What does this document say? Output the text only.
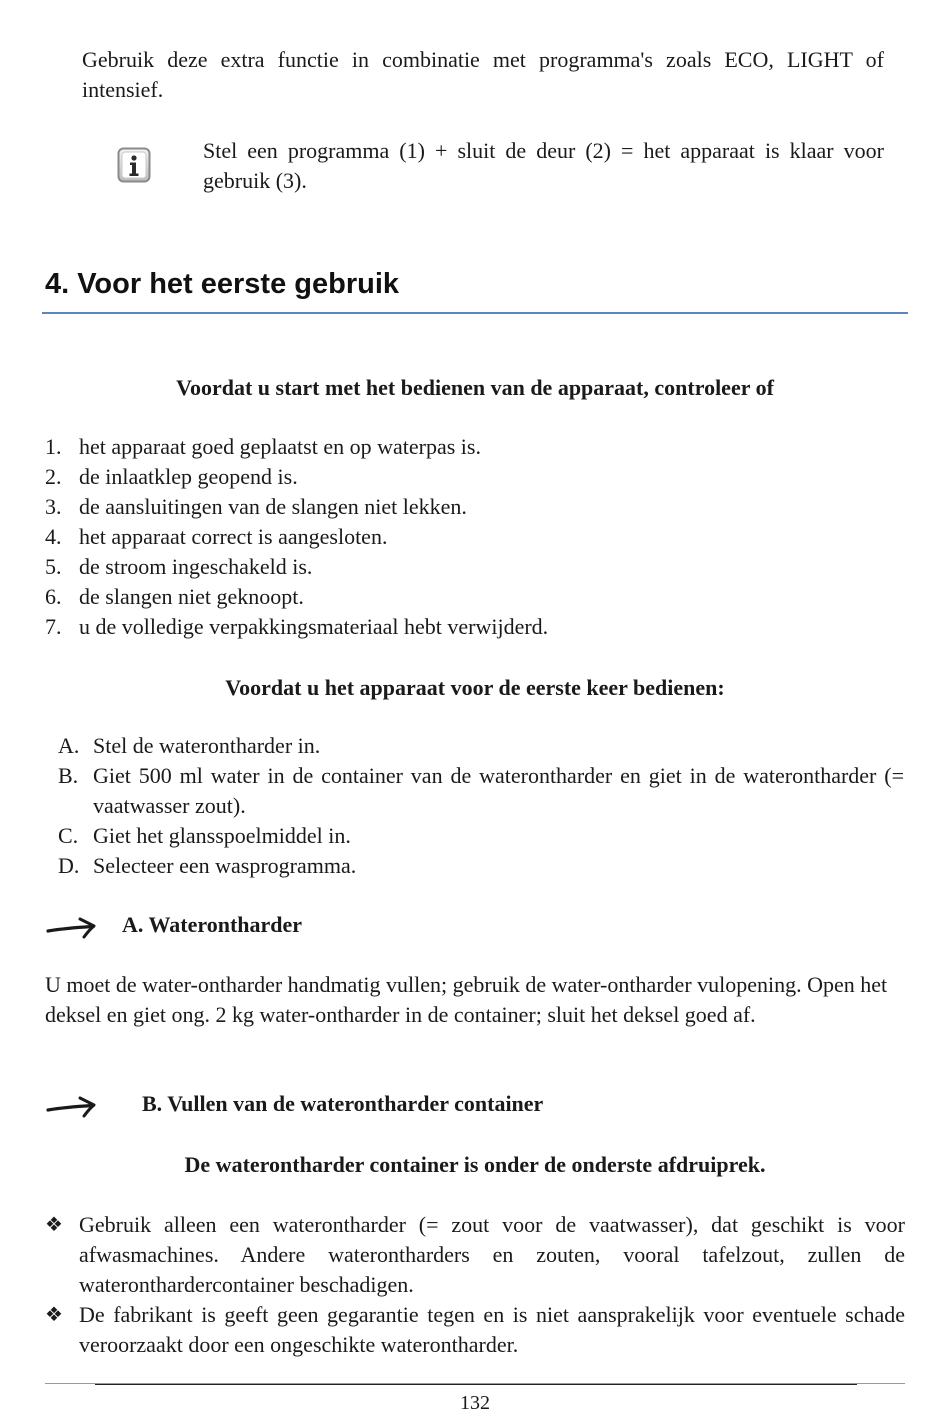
Gebruik deze extra functie in combinatie met programma's zoals ECO, LIGHT of intensief.
Stel een programma (1) + sluit de deur (2) = het apparaat is klaar voor gebruik (3).
4. Voor het eerste gebruik
Voordat u start met het bedienen van de apparaat, controleer of
1. het apparaat goed geplaatst en op waterpas is.
2. de inlaatklep geopend is.
3. de aansluitingen van de slangen niet lekken.
4. het apparaat correct is aangesloten.
5. de stroom ingeschakeld is.
6. de slangen niet geknoopt.
7. u de volledige verpakkingsmateriaal hebt verwijderd.
Voordat u het apparaat voor de eerste keer bedienen:
A. Stel de waterontharder in.
B. Giet 500 ml water in de container van de waterontharder en giet in de waterontharder (= vaatwasser zout).
C. Giet het glansspoelmiddel in.
D. Selecteer een wasprogramma.
A. Waterontharder
U moet de water-ontharder handmatig vullen; gebruik de water-ontharder vulopening. Open het deksel en giet ong. 2 kg water-ontharder in de container; sluit het deksel goed af.
B. Vullen van de waterontharder container
De waterontharder container is onder de onderste afdruiprek.
❖ Gebruik alleen een waterontharder (= zout voor de vaatwasser), dat geschikt is voor afwasmachines. Andere waterontharders en zouten, vooral tafelzout, zullen de wateronthardercontainer beschadigen.
❖ De fabrikant is geeft geen gegarantie tegen en is niet aansprakelijk voor eventuele schade veroorzaakt door een ongeschikte waterontharder.
132
